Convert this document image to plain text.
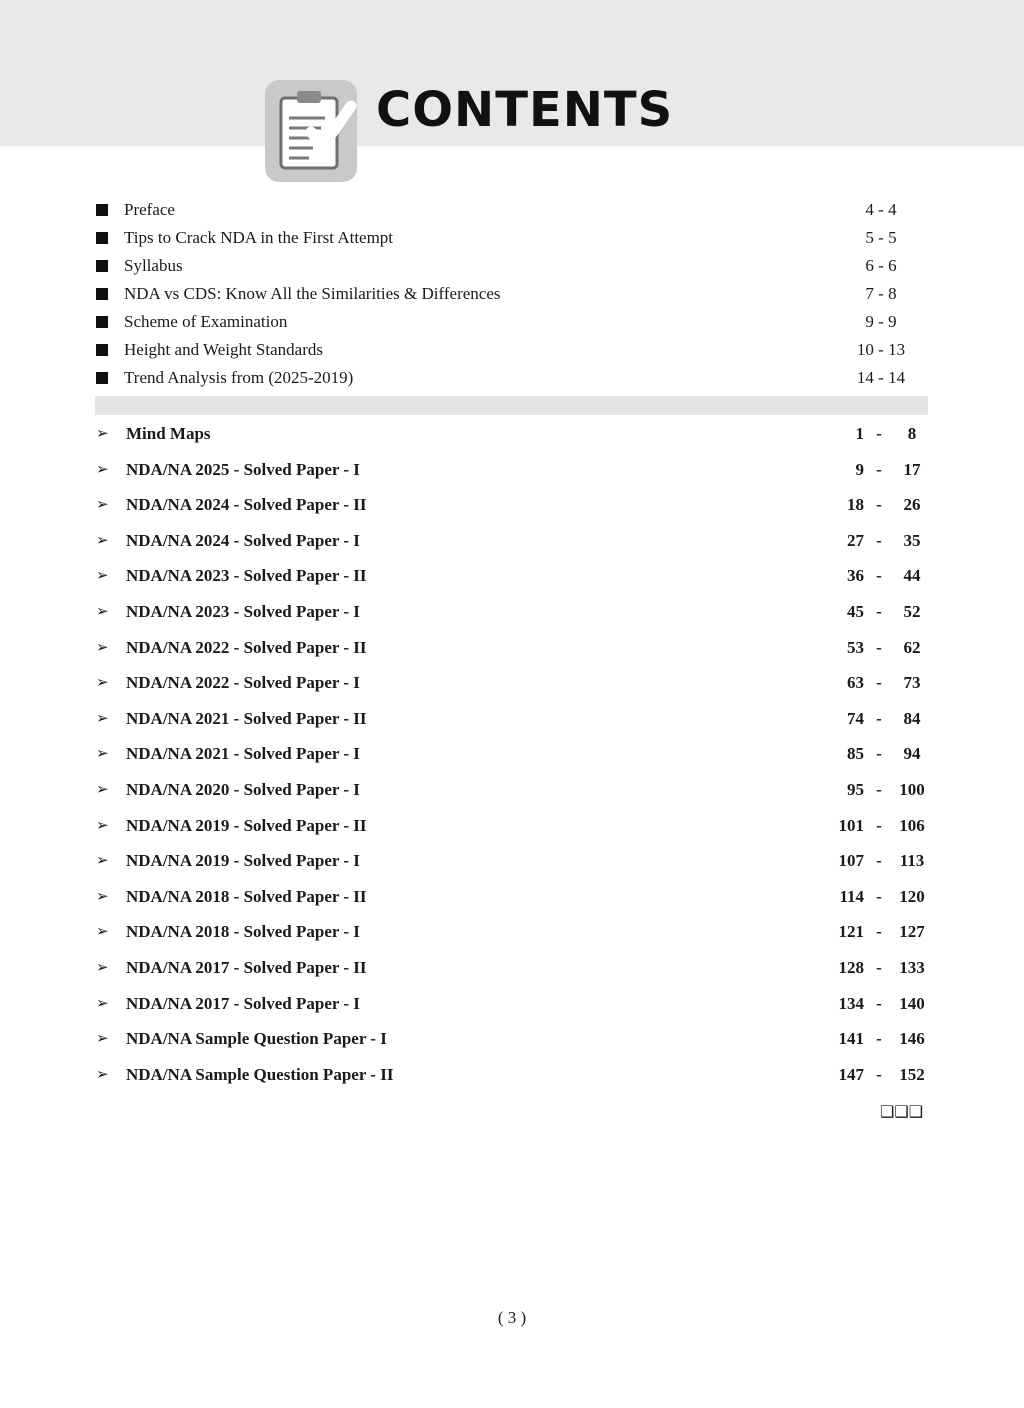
CONTENTS
Preface	4 - 4
Tips to Crack NDA in the First Attempt	5 - 5
Syllabus	6 - 6
NDA vs CDS: Know All the Similarities & Differences	7 - 8
Scheme of Examination	9 - 9
Height and Weight Standards	10 - 13
Trend Analysis from (2025-2019)	14 - 14
➢ Mind Maps	1 -	8
➢ NDA/NA 2025 - Solved Paper - I	9 -	17
➢ NDA/NA 2024 - Solved Paper - II	18 -	26
➢ NDA/NA 2024 - Solved Paper - I	27 -	35
➢ NDA/NA 2023 - Solved Paper - II	36 -	44
➢ NDA/NA 2023 - Solved Paper - I	45 -	52
➢ NDA/NA 2022 - Solved Paper - II	53 -	62
➢ NDA/NA 2022 - Solved Paper - I	63 -	73
➢ NDA/NA 2021 - Solved Paper - II	74 -	84
➢ NDA/NA 2021 - Solved Paper - I	85 -	94
➢ NDA/NA 2020 - Solved Paper - I	95 -	100
➢ NDA/NA 2019 - Solved Paper - II	101 -	106
➢ NDA/NA 2019 - Solved Paper - I	107 -	113
➢ NDA/NA 2018 - Solved Paper - II	114 -	120
➢ NDA/NA 2018 - Solved Paper - I	121 -	127
➢ NDA/NA 2017 - Solved Paper - II	128 -	133
➢ NDA/NA 2017 - Solved Paper - I	134 -	140
➢ NDA/NA Sample Question Paper - I	141 -	146
➢ NDA/NA Sample Question Paper - II	147 -	152
❑❑❑
( 3 )
